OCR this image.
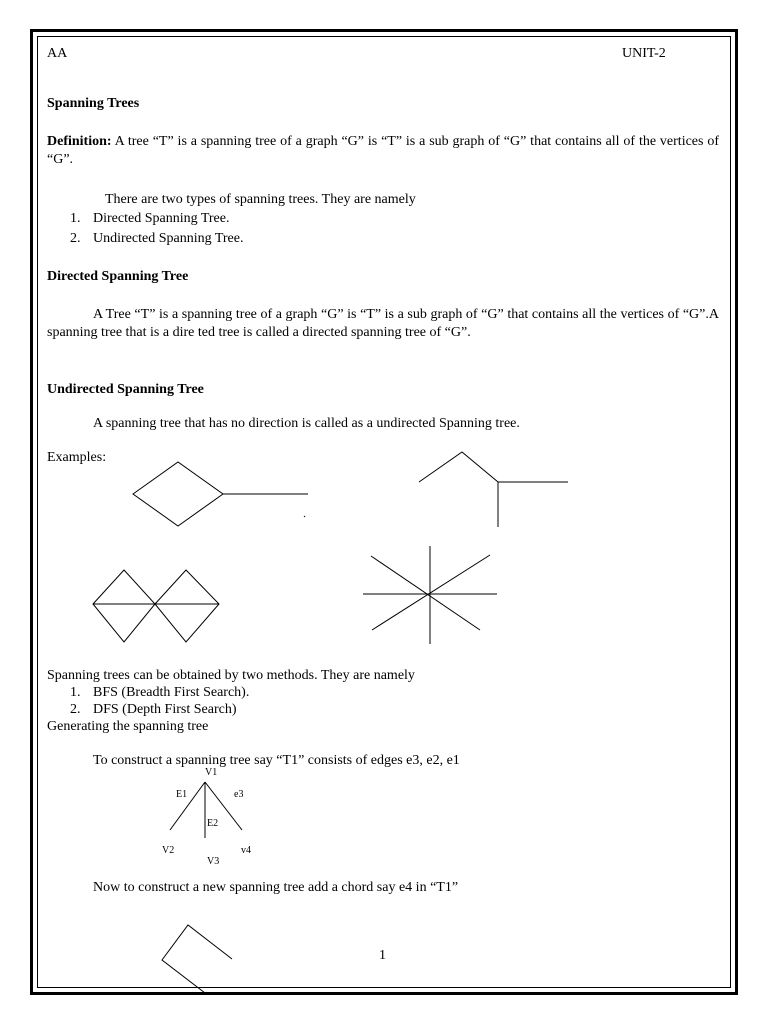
AA	UNIT-2
Spanning Trees
Definition: A tree “T” is a spanning tree of a graph “G” is “T” is a sub graph of “G” that contains all of the vertices of “G”.
There are two types of spanning trees. They are namely
1. Directed Spanning Tree.
2. Undirected Spanning Tree.
Directed Spanning Tree
A Tree “T” is a spanning tree of a graph “G” is “T” is a sub graph of “G” that contains all the vertices of “G”.A spanning tree that is a dire ted tree is called a directed spanning tree of “G”.
Undirected Spanning Tree
A spanning tree that has no direction is called as a undirected Spanning tree.
Examples:
Spanning trees can be obtained by two methods. They are namely
1. BFS (Breadth First Search).
2. DFS (Depth First Search)
Generating the spanning tree
To construct a spanning tree say “T1” consists of edges e3, e2, e1
V1
E1	e3
E2
V2	v4
V3
Now to construct a new spanning tree add a chord say e4 in “T1”
1
